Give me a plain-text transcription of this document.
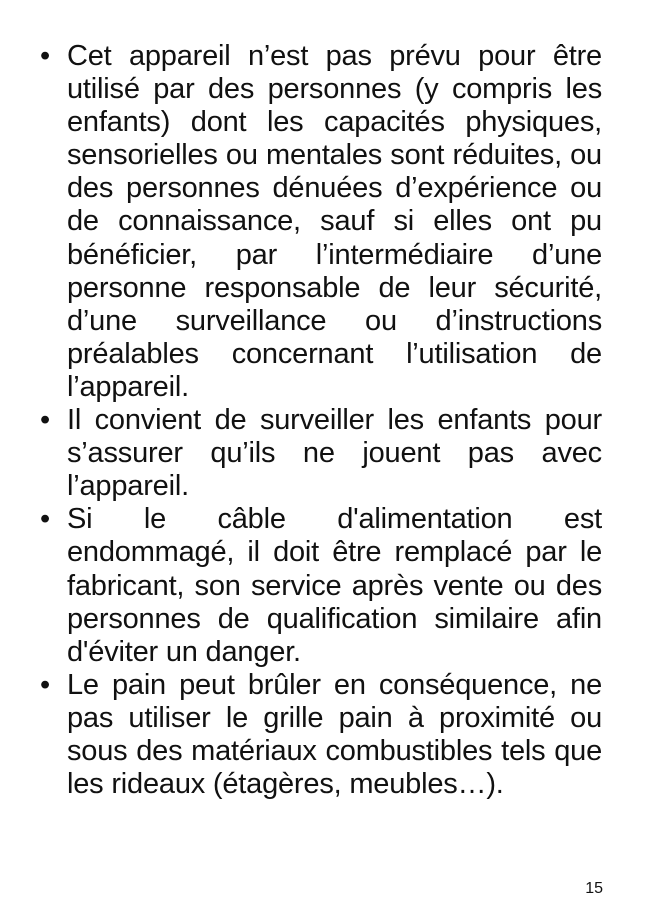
• Cet appareil n’est pas prévu pour être utilisé par des personnes (y compris les enfants) dont les capacités physiques, sensorielles ou mentales sont réduites, ou des personnes dénuées d’expérience ou de connaissance, sauf si elles ont pu bénéficier, par l’intermédiaire d’une personne responsable de leur sécurité, d’une surveillance ou d’instructions préalables concernant l’utilisation de l’appareil.
• Il convient de surveiller les enfants pour s’assurer qu’ils ne jouent pas avec l’appareil.
• Si le câble d'alimentation est endommagé, il doit être remplacé par le fabricant, son service après vente ou des personnes de qualification similaire afin d'éviter un danger.
• Le pain peut brûler en conséquence, ne pas utiliser le grille pain à proximité ou sous des matériaux combustibles tels que les rideaux (étagères, meubles…).
15
